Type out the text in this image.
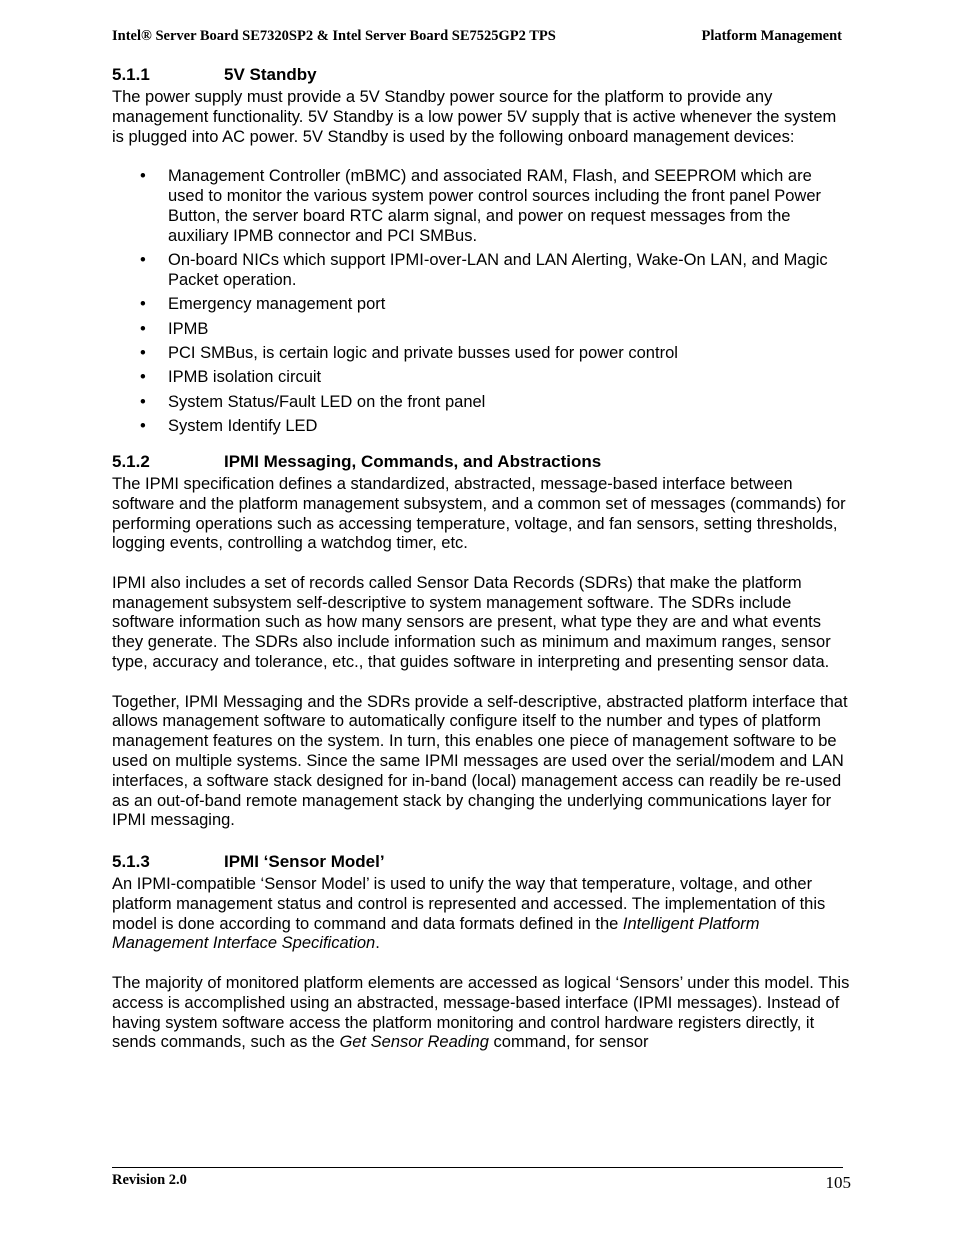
Intel® Server Board SE7320SP2 & Intel Server Board SE7525GP2 TPS	Platform Management
5.1.1	5V Standby

The power supply must provide a 5V Standby power source for the platform to provide any management functionality. 5V Standby is a low power 5V supply that is active whenever the system is plugged into AC power. 5V Standby is used by the following onboard management devices:

• Management Controller (mBMC) and associated RAM, Flash, and SEEPROM which are used to monitor the various system power control sources including the front panel Power Button, the server board RTC alarm signal, and power on request messages from the auxiliary IPMB connector and PCI SMBus.
• On-board NICs which support IPMI-over-LAN and LAN Alerting, Wake-On LAN, and Magic Packet operation.
• Emergency management port
• IPMB
• PCI SMBus, is certain logic and private busses used for power control
• IPMB isolation circuit
• System Status/Fault LED on the front panel
• System Identify LED
5.1.2	IPMI Messaging, Commands, and Abstractions

The IPMI specification defines a standardized, abstracted, message-based interface between software and the platform management subsystem, and a common set of messages (commands) for performing operations such as accessing temperature, voltage, and fan sensors, setting thresholds, logging events, controlling a watchdog timer, etc.

IPMI also includes a set of records called Sensor Data Records (SDRs) that make the platform management subsystem self-descriptive to system management software. The SDRs include software information such as how many sensors are present, what type they are and what events they generate. The SDRs also include information such as minimum and maximum ranges, sensor type, accuracy and tolerance, etc., that guides software in interpreting and presenting sensor data.

Together, IPMI Messaging and the SDRs provide a self-descriptive, abstracted platform interface that allows management software to automatically configure itself to the number and types of platform management features on the system. In turn, this enables one piece of management software to be used on multiple systems. Since the same IPMI messages are used over the serial/modem and LAN interfaces, a software stack designed for in-band (local) management access can readily be re-used as an out-of-band remote management stack by changing the underlying communications layer for IPMI messaging.

5.1.3	IPMI ‘Sensor Model’

An IPMI-compatible ‘Sensor Model’ is used to unify the way that temperature, voltage, and other platform management status and control is represented and accessed. The implementation of this model is done according to command and data formats defined in the Intelligent Platform Management Interface Specification.

The majority of monitored platform elements are accessed as logical ‘Sensors’ under this model. This access is accomplished using an abstracted, message-based interface (IPMI messages). Instead of having system software access the platform monitoring and control hardware registers directly, it sends commands, such as the Get Sensor Reading command, for sensor

Revision 2.0	105
